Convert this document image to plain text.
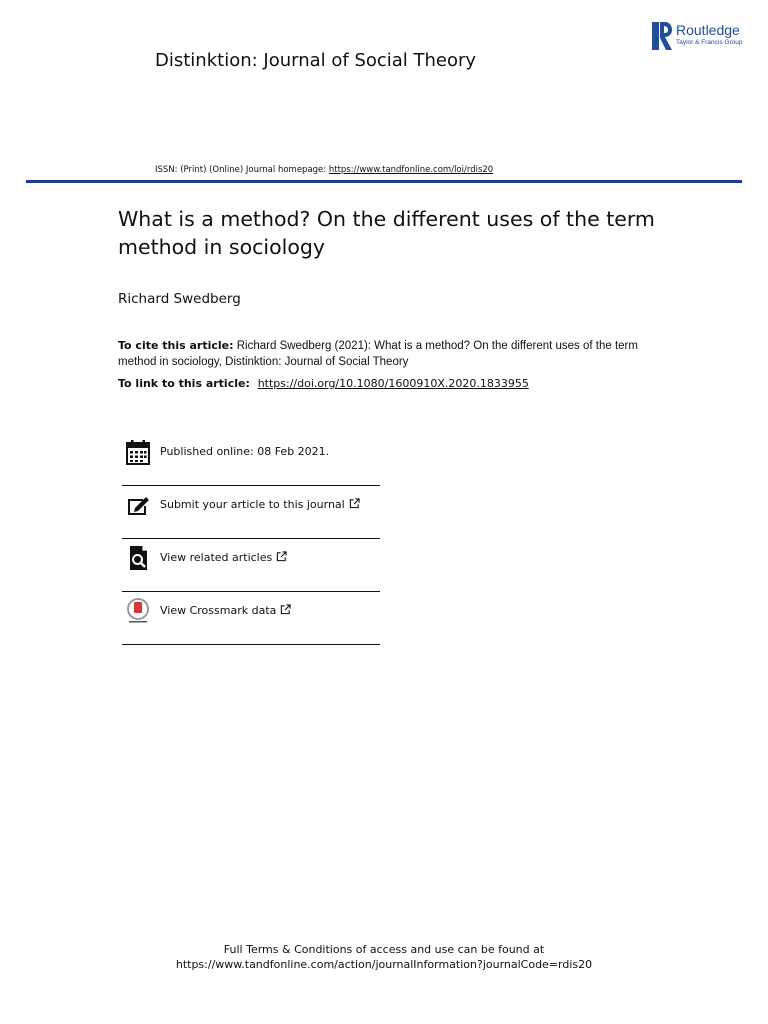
Distinktion: Journal of Social Theory
Routledge
Taylor & Francis Group
ISSN: (Print) (Online) Journal homepage: https://www.tandfonline.com/loi/rdis20
What is a method? On the different uses of the term method in sociology
Richard Swedberg
To cite this article: Richard Swedberg (2021): What is a method? On the different uses of the term method in sociology, Distinktion: Journal of Social Theory
To link to this article: https://doi.org/10.1080/1600910X.2020.1833955
Published online: 08 Feb 2021.
Submit your article to this journal
View related articles
View Crossmark data
Full Terms & Conditions of access and use can be found at
https://www.tandfonline.com/action/journalInformation?journalCode=rdis20
